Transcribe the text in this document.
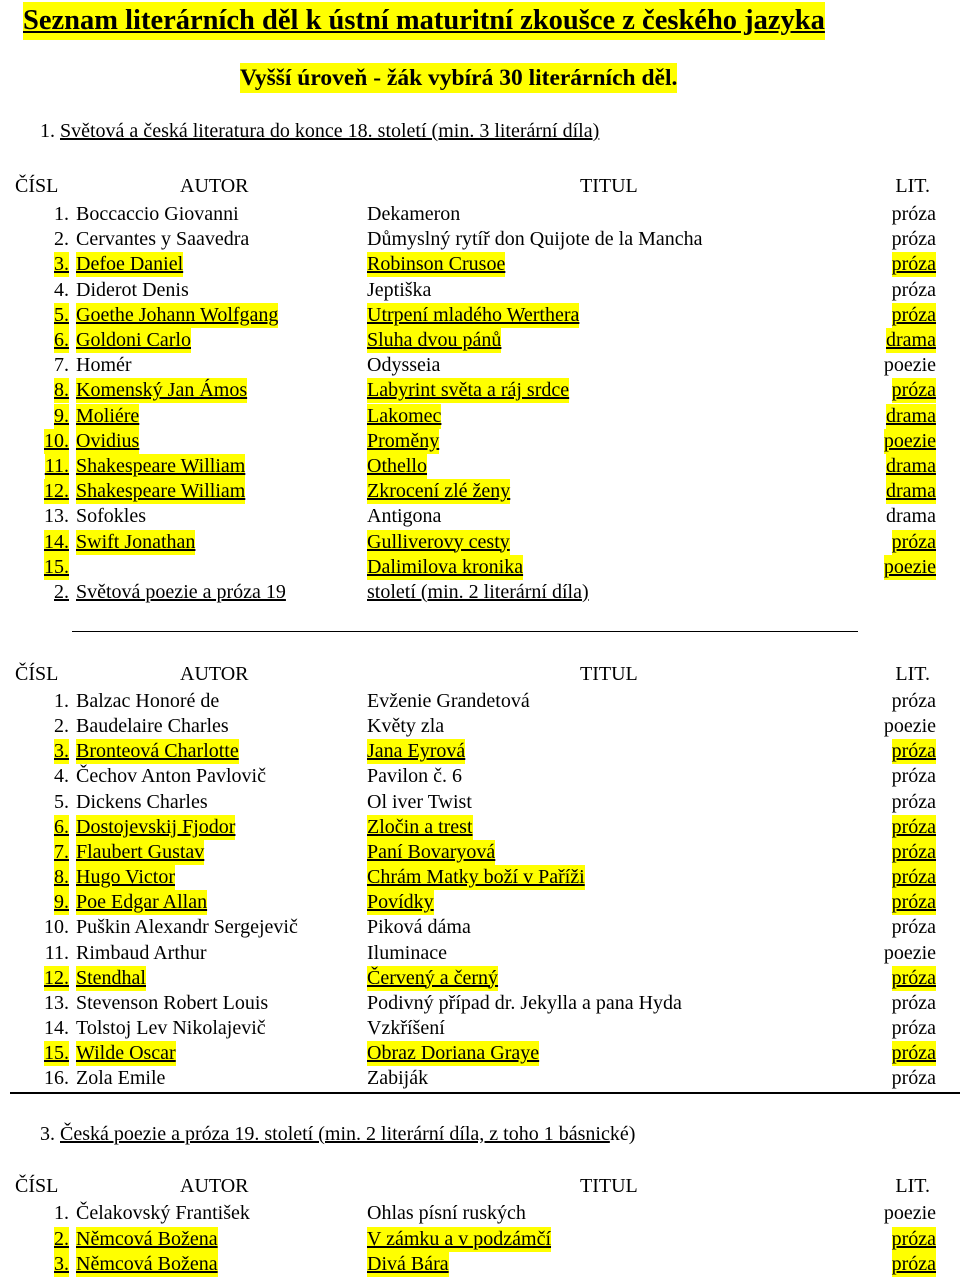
Seznam literárních děl k ústní maturitní zkoušce z českého jazyka
Vyšší úroveň - žák vybírá 30 literárních děl.
1. Světová a česká literatura do konce 18. století (min. 3 literární díla)
ČÍSL	AUTOR	TITUL	LIT.
1. Boccaccio Giovanni	Dekameron	próza
2. Cervantes y Saavedra	Důmyslný rytíř don Quijote de la Mancha	próza
3. Defoe Daniel	Robinson Crusoe	próza
4. Diderot Denis	Jeptiška	próza
5. Goethe Johann Wolfgang	Utrpení mladého Werthera	próza
6. Goldoni Carlo	Sluha dvou pánů	drama
7. Homér	Odysseia	poezie
8. Komenský Jan Ámos	Labyrint světa a ráj srdce	próza
9. Moliére	Lakomec	drama
10. Ovidius	Proměny	poezie
11. Shakespeare William	Othello	drama
12. Shakespeare William	Zkrocení zlé ženy	drama
13. Sofokles	Antigona	drama
14. Swift Jonathan	Gulliverovy cesty	próza
15.	Dalimilova kronika	poezie
2. Světová poezie a próza 19	století (min. 2 literární díla)
ČÍSL	AUTOR	TITUL	LIT.
1. Balzac Honoré de	Evženie Grandetová	próza
2. Baudelaire Charles	Květy zla	poezie
3. Bronteová Charlotte	Jana Eyrová	próza
4. Čechov Anton Pavlovič	Pavilon č. 6	próza
5. Dickens Charles	Ol iver Twist	próza
6. Dostojevskij Fjodor	Zločin a trest	próza
7. Flaubert Gustav	Paní Bovaryová	próza
8. Hugo Victor	Chrám Matky boží v Paříži	próza
9. Poe Edgar Allan	Povídky	próza
10. Puškin Alexandr Sergejevič	Piková dáma	próza
11. Rimbaud Arthur	Iluminace	poezie
12. Stendhal	Červený a černý	próza
13. Stevenson Robert Louis	Podivný případ dr. Jekylla a pana Hyda	próza
14. Tolstoj Lev Nikolajevič	Vzkříšení	próza
15. Wilde Oscar	Obraz Doriana Graye	próza
16. Zola Emile	Zabiják	próza
3. Česká poezie a próza 19. století (min. 2 literární díla, z toho 1 básnické)
ČÍSL	AUTOR	TITUL	LIT.
1. Čelakovský František	Ohlas písní ruských	poezie
2. Němcová Božena	V zámku a v podzámčí	próza
3. Němcová Božena	Divá Bára	próza
